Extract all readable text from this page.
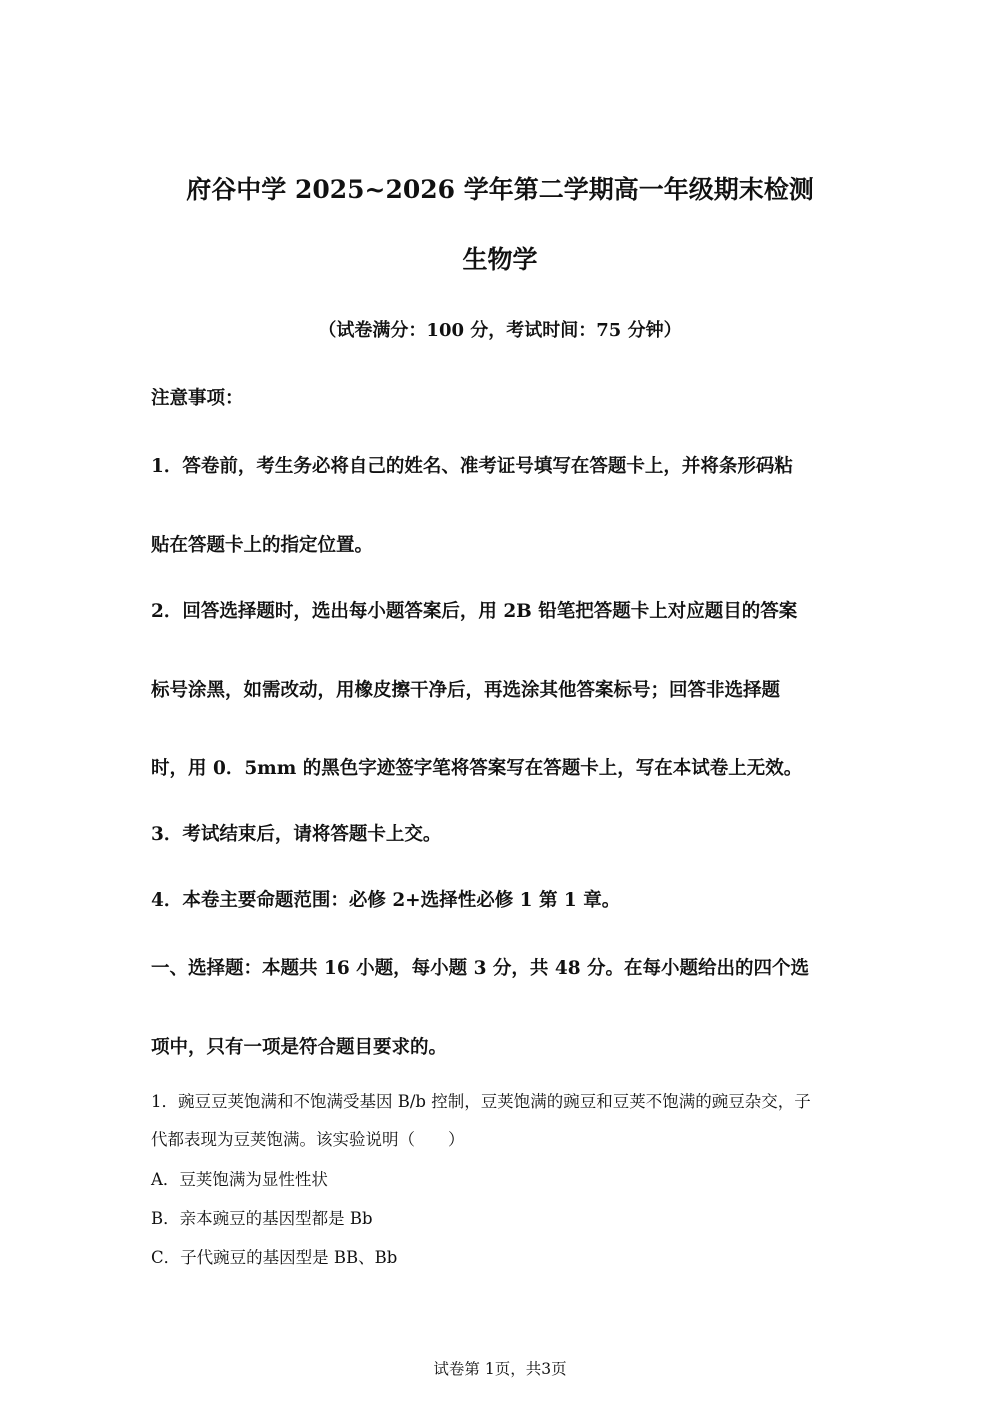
府谷中学 2025~2026 学年第二学期高一年级期末检测
生物学
（试卷满分：100 分，考试时间：75 分钟）
注意事项：
1．答卷前，考生务必将自己的姓名、准考证号填写在答题卡上，并将条形码粘
贴在答题卡上的指定位置。
2．回答选择题时，选出每小题答案后，用 2B 铅笔把答题卡上对应题目的答案
标号涂黑，如需改动，用橡皮擦干净后，再选涂其他答案标号；回答非选择题
时，用 0．5mm 的黑色字迹签字笔将答案写在答题卡上，写在本试卷上无效。
3．考试结束后，请将答题卡上交。
4．本卷主要命题范围：必修 2+选择性必修 1 第 1 章。
一、选择题：本题共 16 小题，每小题 3 分，共 48 分。在每小题给出的四个选
项中，只有一项是符合题目要求的。
1．豌豆豆荚饱满和不饱满受基因 B/b 控制，豆荚饱满的豌豆和豆荚不饱满的豌豆杂交，子
代都表现为豆荚饱满。该实验说明（　　）
A．豆荚饱满为显性性状
B．亲本豌豆的基因型都是 Bb
C．子代豌豆的基因型是 BB、Bb
试卷第 1页，共3页
